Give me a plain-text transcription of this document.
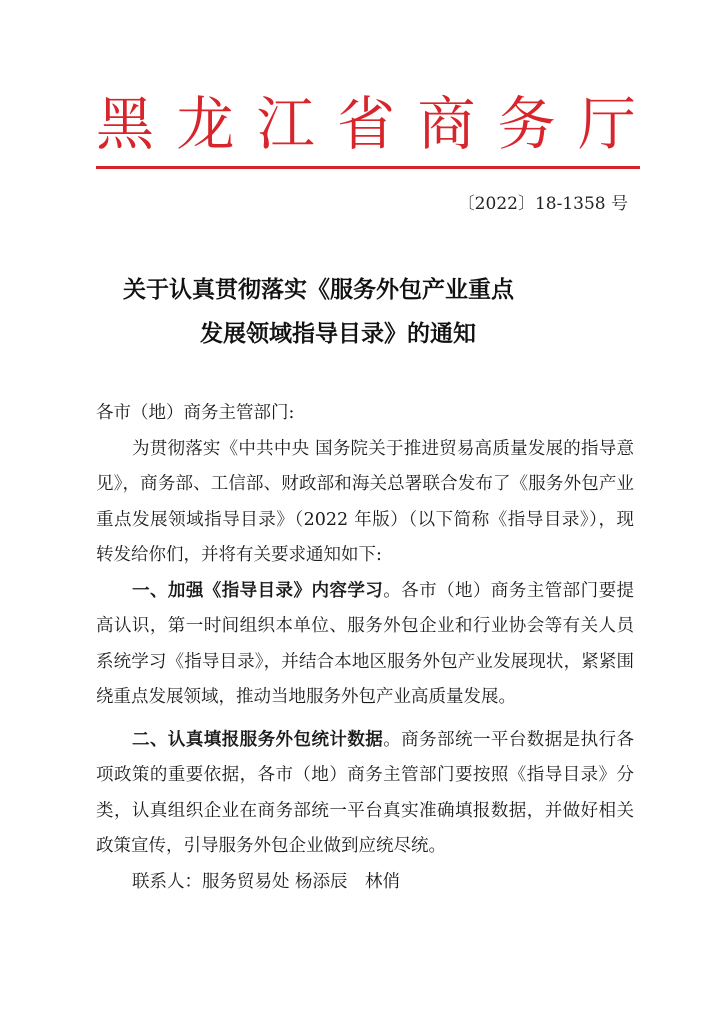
黑 龙 江 省 商 务 厅
〔2022〕18-1358 号
关于认真贯彻落实《服务外包产业重点
发展领域指导目录》的通知

各市（地）商务主管部门:

为贯彻落实《中共中央 国务院关于推进贸易高质量发展的指导意见》，商务部、工信部、财政部和海关总署联合发布了《服务外包产业重点发展领域指导目录》（2022 年版）（以下简称《指导目录》），现转发给你们，并将有关要求通知如下:

一、加强《指导目录》内容学习。各市（地）商务主管部门要提高认识，第一时间组织本单位、服务外包企业和行业协会等有关人员系统学习《指导目录》，并结合本地区服务外包产业发展现状，紧紧围绕重点发展领域，推动当地服务外包产业高质量发展。

二、认真填报服务外包统计数据。商务部统一平台数据是执行各项政策的重要依据，各市（地）商务主管部门要按照《指导目录》分类，认真组织企业在商务部统一平台真实准确填报数据，并做好相关政策宣传，引导服务外包企业做到应统尽统。

联系人：服务贸易处 杨添辰　林俏
